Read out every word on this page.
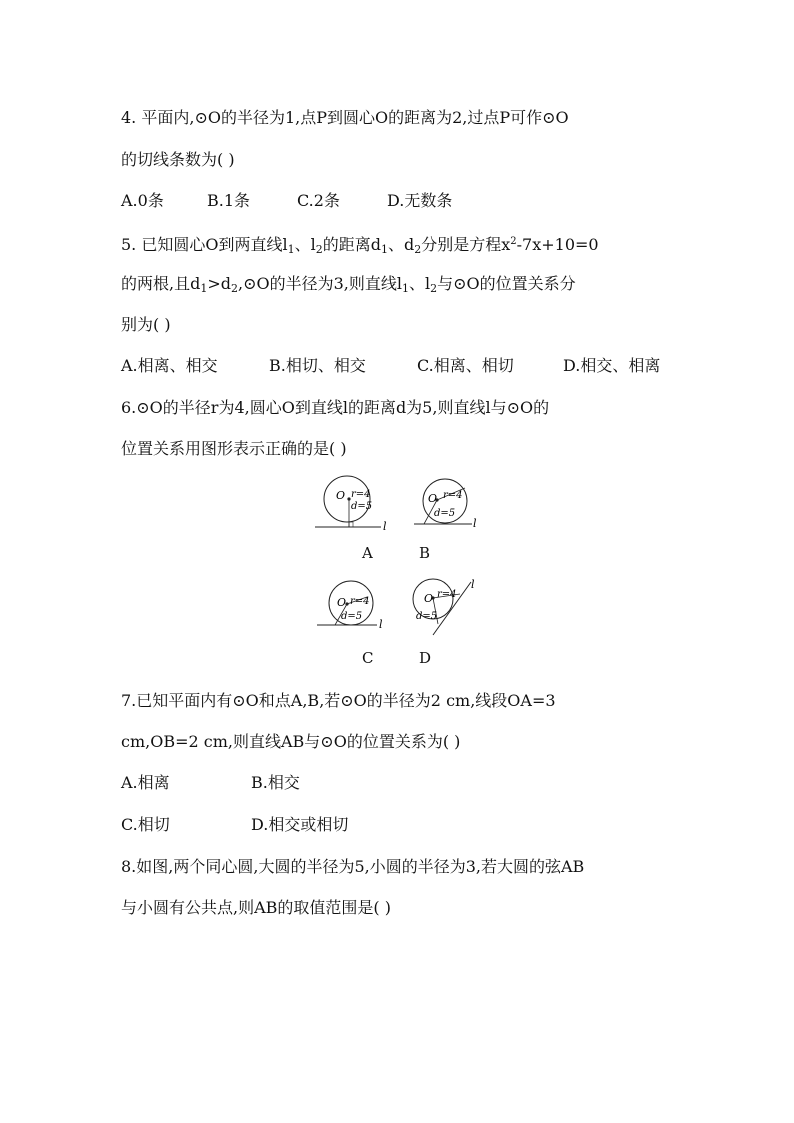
4. 平面内,⊙O的半径为1,点P到圆心O的距离为2,过点P可作⊙O
的切线条数为( )
A.0条	B.1条	C.2条	D.无数条
5. 已知圆心O到两直线$l_1$、$l_2$的距离$d_1$、$d_2$分别是方程$x^2-7x+10=0$
的两根,且$d_1>d_2,⊙O$的半径为3,则直线$l_1$、$l_2$与⊙O的位置关系分
别为( )
A.相离、相交	B.相切、相交	C.相离、相切	D.相交、相离
6.⊙O的半径r为4,圆心O到直线l的距离d为5,则直线l与⊙O的
位置关系用图形表示正确的是( )
O r=4
d=5
l
A
O r=4
d=5
l
B
O r=4
d=5
l
C
O r=4
d=5
l
D
7.已知平面内有⊙O和点A,B,若⊙O的半径为2 cm,线段OA=3
cm,OB=2 cm,则直线AB与⊙O的位置关系为( )
A.相离	B.相交
C.相切	D.相交或相切
8.如图,两个同心圆,大圆的半径为5,小圆的半径为3,若大圆的弦AB
与小圆有公共点,则AB的取值范围是( )
